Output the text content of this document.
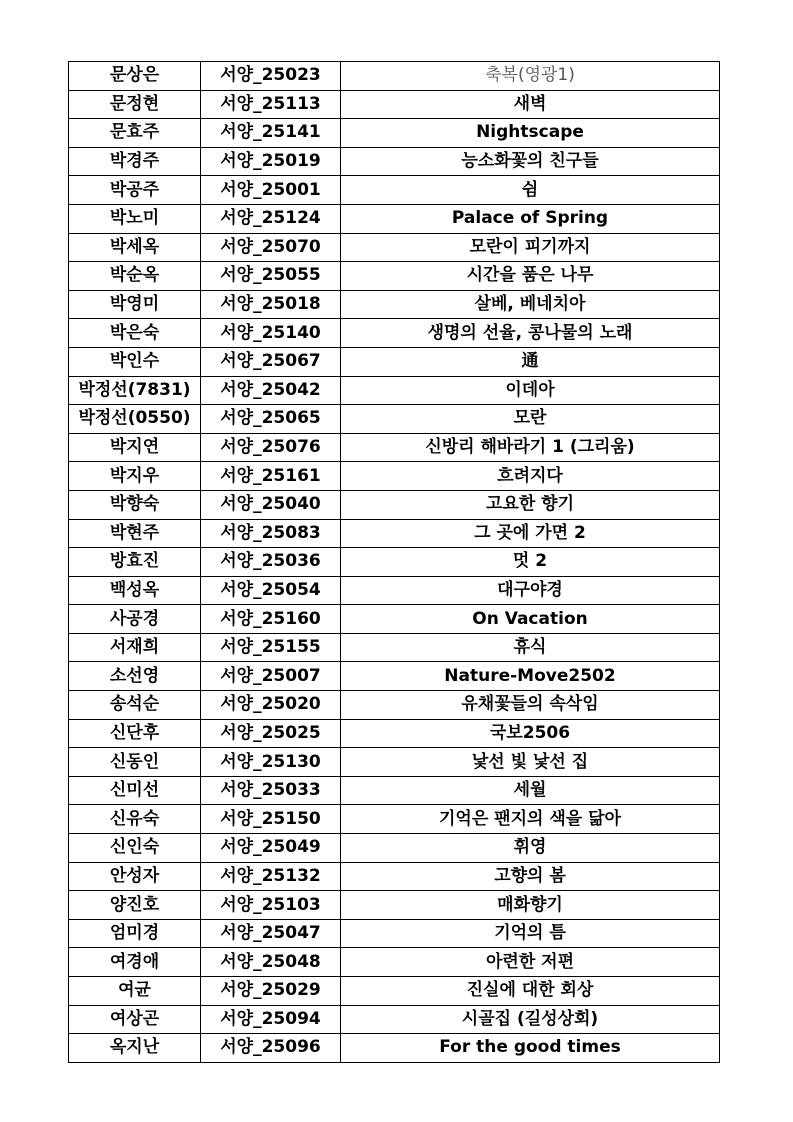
문상은	서양_25023	축복(영광1)
문정현	서양_25113	새벽
문효주	서양_25141	Nightscape
박경주	서양_25019	능소화꽃의 친구들
박공주	서양_25001	쉼
박노미	서양_25124	Palace of Spring
박세옥	서양_25070	모란이 피기까지
박순옥	서양_25055	시간을 품은 나무
박영미	서양_25018	살베, 베네치아
박은숙	서양_25140	생명의 선율, 콩나물의 노래
박인수	서양_25067	通
박정선(7831)	서양_25042	이데아
박정선(0550)	서양_25065	모란
박지연	서양_25076	신방리 해바라기 1 (그리움)
박지우	서양_25161	흐려지다
박향숙	서양_25040	고요한 향기
박현주	서양_25083	그 곳에 가면 2
방효진	서양_25036	멋 2
백성옥	서양_25054	대구야경
사공경	서양_25160	On Vacation
서재희	서양_25155	휴식
소선영	서양_25007	Nature-Move2502
송석순	서양_25020	유채꽃들의 속삭임
신단후	서양_25025	국보2506
신동인	서양_25130	낯선 빛 낯선 집
신미선	서양_25033	세월
신유숙	서양_25150	기억은 팬지의 색을 닮아
신인숙	서양_25049	휘영
안성자	서양_25132	고향의 봄
양진호	서양_25103	매화향기
엄미경	서양_25047	기억의 틈
여경애	서양_25048	아련한 저편
여균	서양_25029	진실에 대한 회상
여상곤	서양_25094	시골집 (길성상회)
옥지난	서양_25096	For the good times
